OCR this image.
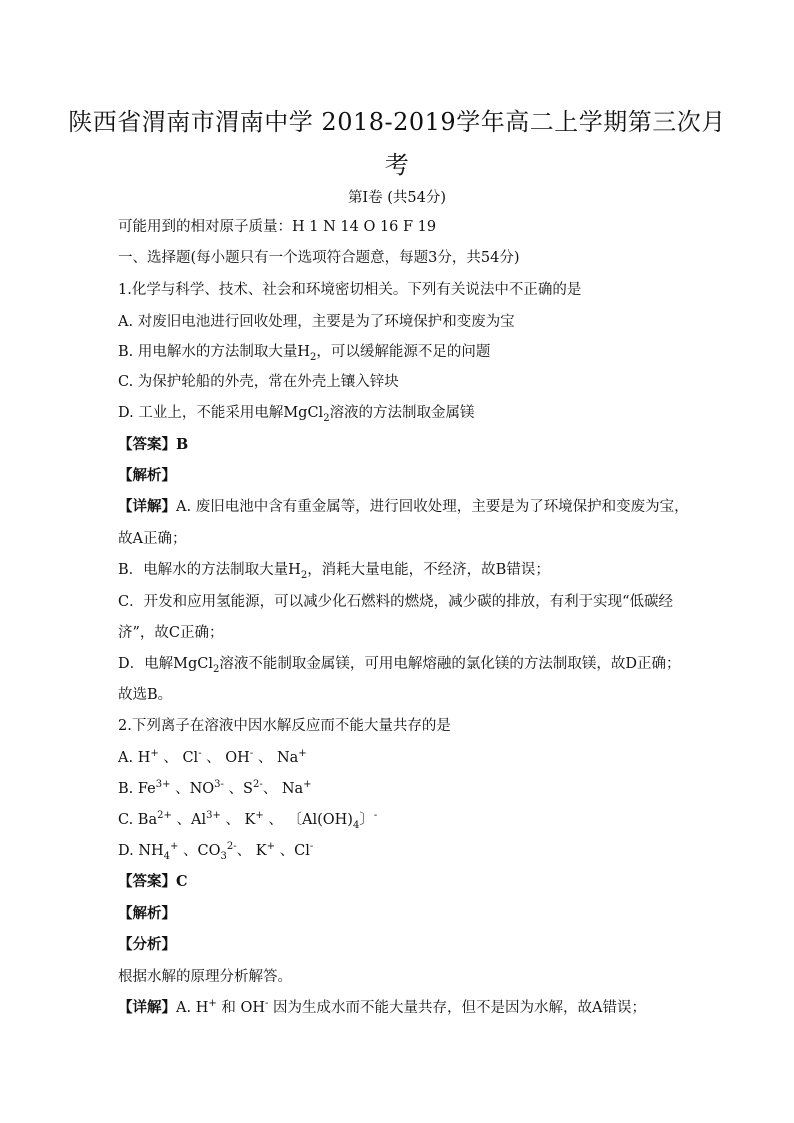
陕西省渭南市渭南中学 2018-2019学年高二上学期第三次月
考
第I卷 (共54分)
可能用到的相对原子质量：H 1 N 14 O 16 F 19
一、选择题(每小题只有一个选项符合题意，每题3分，共54分)
1.化学与科学、技术、社会和环境密切相关。下列有关说法中不正确的是
A. 对废旧电池进行回收处理，主要是为了环境保护和变废为宝
B. 用电解水的方法制取大量$H_2$，可以缓解能源不足的问题
C. 为保护轮船的外壳，常在外壳上镶入锌块
D. 工业上，不能采用电解MgCl$_2$溶液的方法制取金属镁
【答案】B
【解析】
【详解】A. 废旧电池中含有重金属等，进行回收处理，主要是为了环境保护和变废为宝，
故A正确；
B．电解水的方法制取大量$H_2$，消耗大量电能，不经济，故B错误；
C．开发和应用氢能源，可以减少化石燃料的燃烧，减少碳的排放，有利于实现“低碳经
济”，故C正确；
D．电解MgCl$_2$溶液不能制取金属镁，可用电解熔融的氯化镁的方法制取镁，故D正确；
故选B。
2.下列离子在溶液中因水解反应而不能大量共存的是
A. H+ 、 Cl- 、 OH- 、 Na+
B. $Fe^{3+}$ 、$NO^{3-}$ 、$S^{2-}$、 Na+
C. $Ba^{2+}$ 、$Al^{3+}$ 、 K+ 、 〔$Al(OH)_4$〕-
D. $NH_4^+$ 、$CO_3^{2-}$、 K+ 、Cl-
【答案】C
【解析】
【分析】
根据水解的原理分析解答。
【详解】A. H+ 和 OH- 因为生成水而不能大量共存，但不是因为水解，故A错误；
